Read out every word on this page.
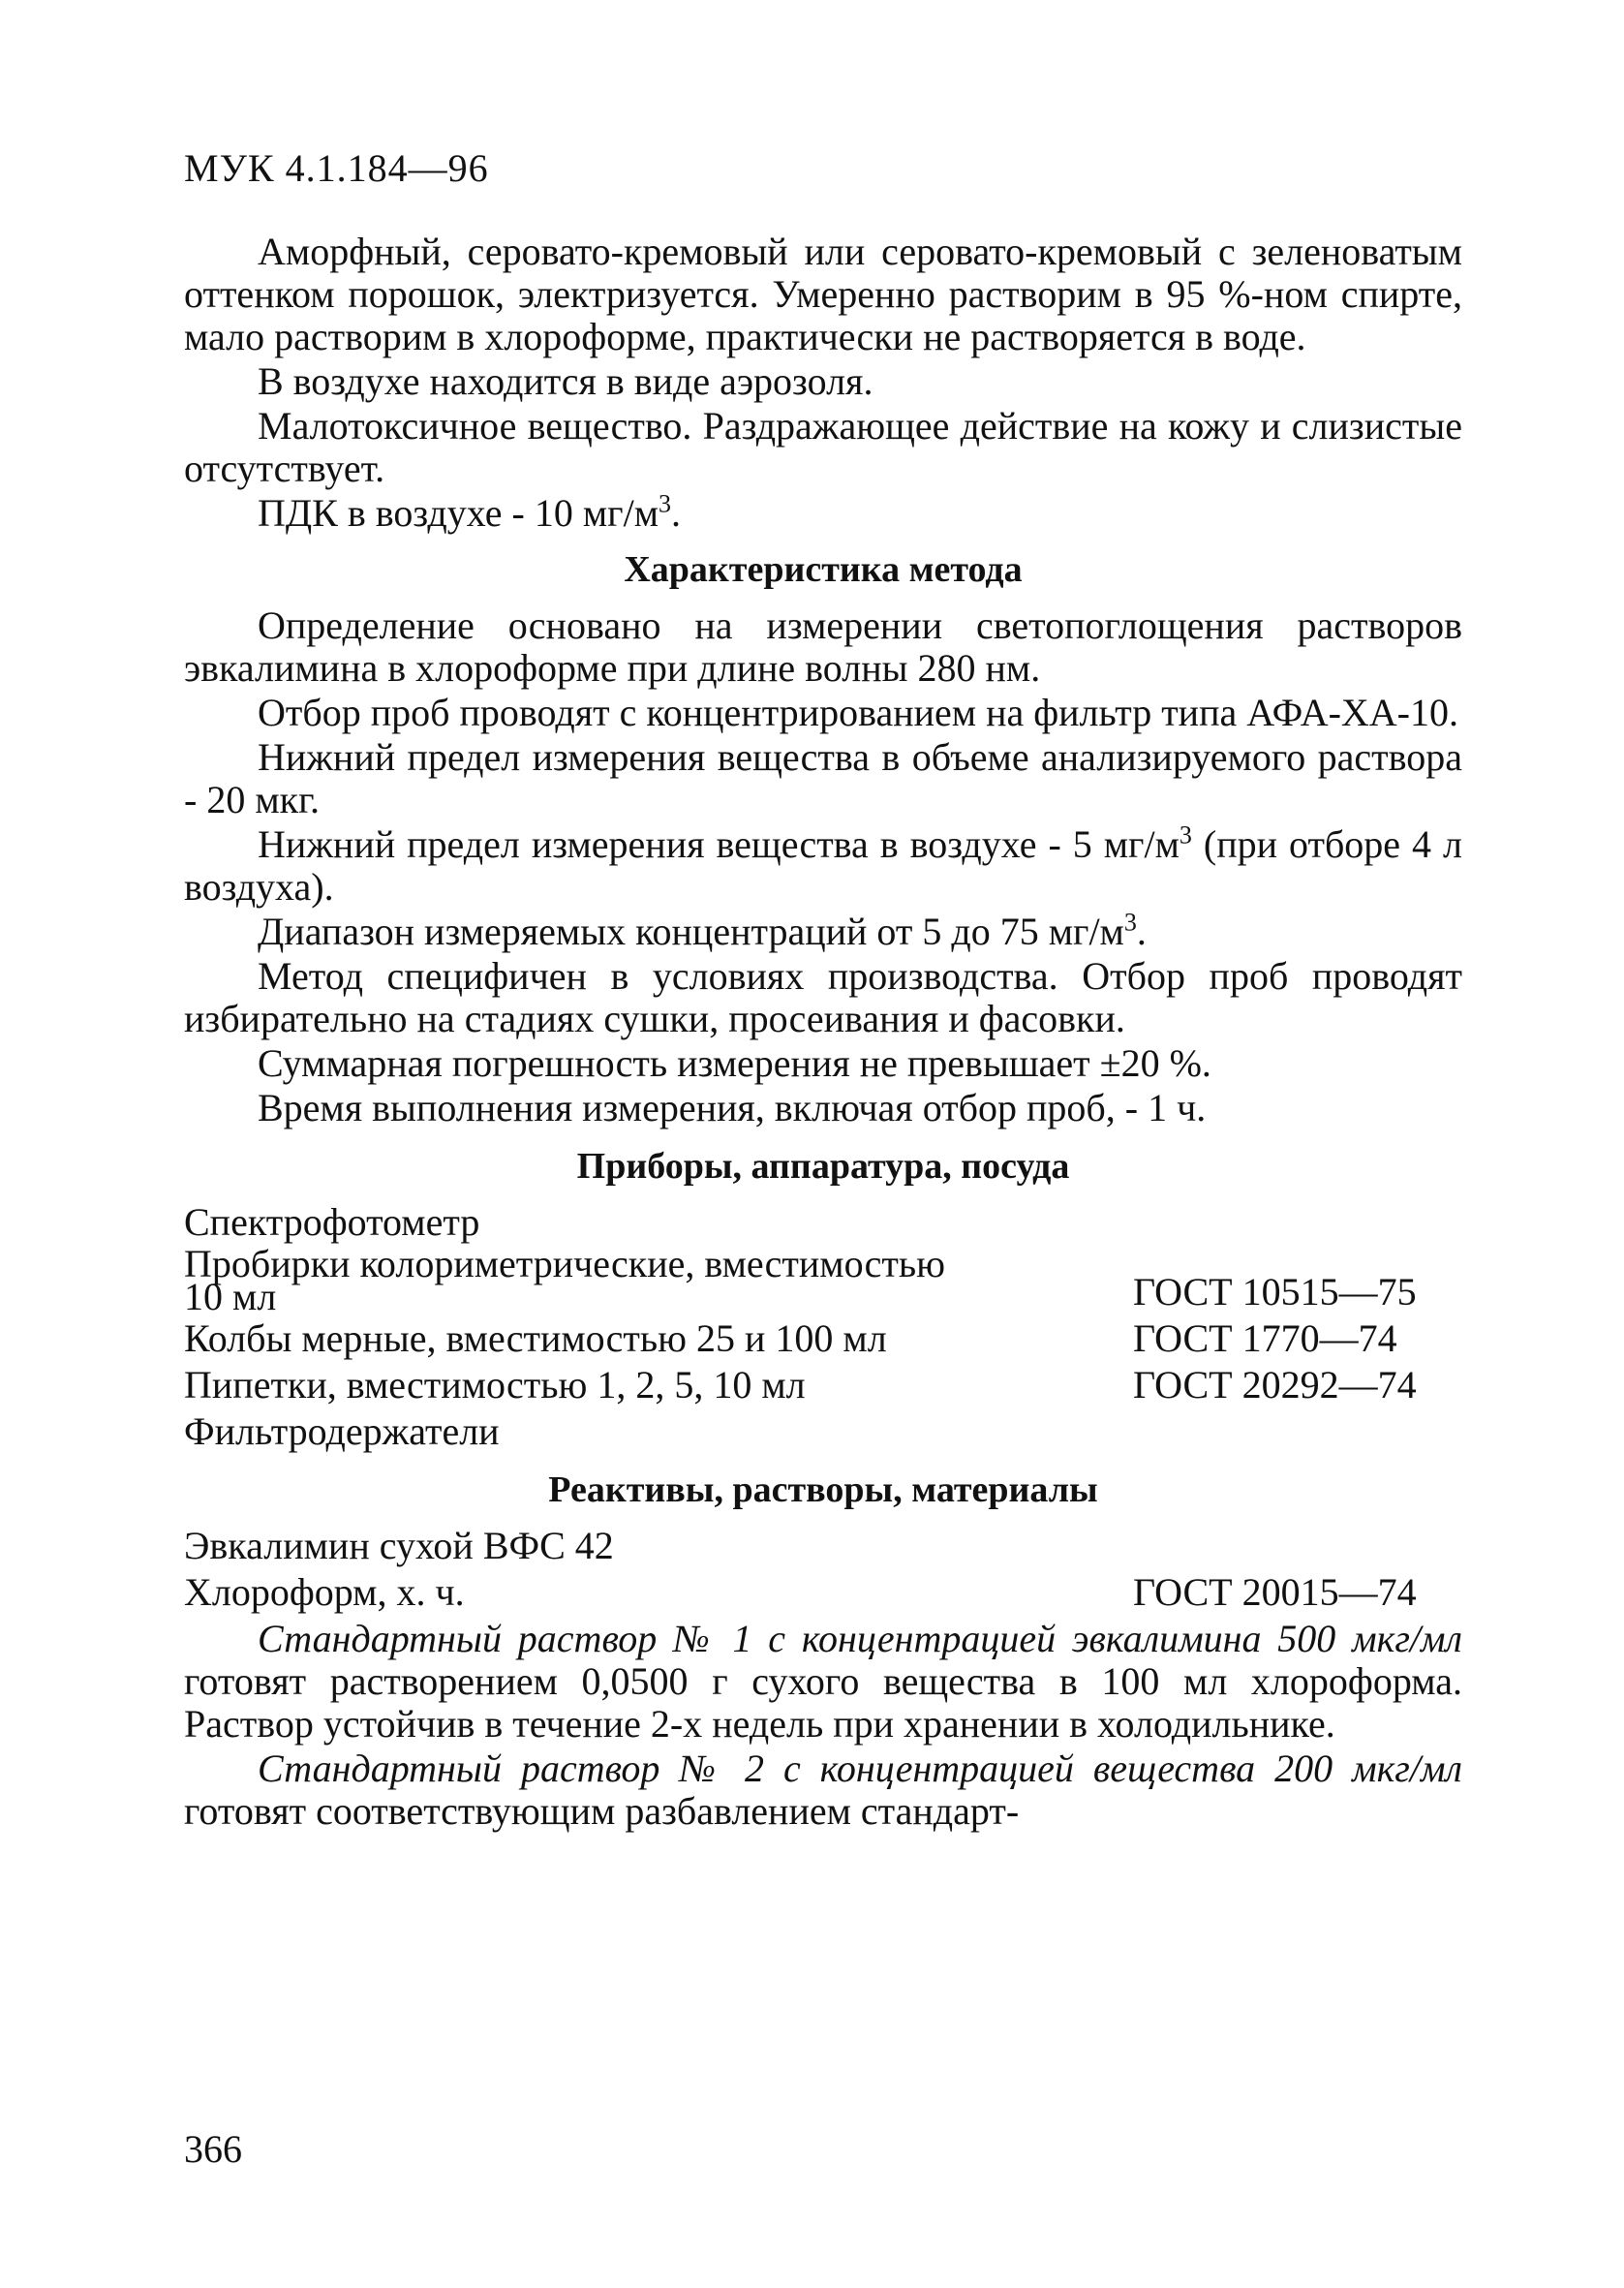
МУК 4.1.184—96

Аморфный, серовато-кремовый или серовато-кремовый с зеленоватым оттенком порошок, электризуется. Умеренно растворим в 95 %-ном спирте, мало растворим в хлороформе, практически не растворяется в воде.

В воздухе находится в виде аэрозоля.

Малотоксичное вещество. Раздражающее действие на кожу и слизистые отсутствует.

ПДК в воздухе - 10 $мг/м^3$.

Характеристика метода

Определение основано на измерении светопоглощения растворов эвкалимина в хлороформе при длине волны 280 нм.

Отбор проб проводят с концентрированием на фильтр типа АФА-ХА-10.

Нижний предел измерения вещества в объеме анализируемого раствора - 20 мкг.

Нижний предел измерения вещества в воздухе - 5 $мг/м^3$ (при отборе 4 л воздуха).

Диапазон измеряемых концентраций от 5 до 75 $мг/м^3$.

Метод специфичен в условиях производства. Отбор проб проводят избирательно на стадиях сушки, просеивания и фасовки.

Суммарная погрешность измерения не превышает ±20 %.

Время выполнения измерения, включая отбор проб, - 1 ч.

Приборы, аппаратура, посуда
Спектрофотометр
Пробирки колориметрические, вместимостью
10 мл	ГОСТ 10515—75
Колбы мерные, вместимостью 25 и 100 мл	ГОСТ 1770—74
Пипетки, вместимостью 1, 2, 5, 10 мл	ГОСТ 20292—74
Фильтродержатели
Реактивы, растворы, материалы
Эвкалимин сухой ВФС 42
Хлороформ, х. ч.	ГОСТ 20015—74

Стандартный раствор № 1 с концентрацией эвкалимина 500 мкг/мл готовят растворением 0,0500 г сухого вещества в 100 мл хлороформа. Раствор устойчив в течение 2-х недель при хранении в холодильнике.

Стандартный раствор № 2 с концентрацией вещества 200 мкг/мл готовят соответствующим разбавлением стандарт-

366
